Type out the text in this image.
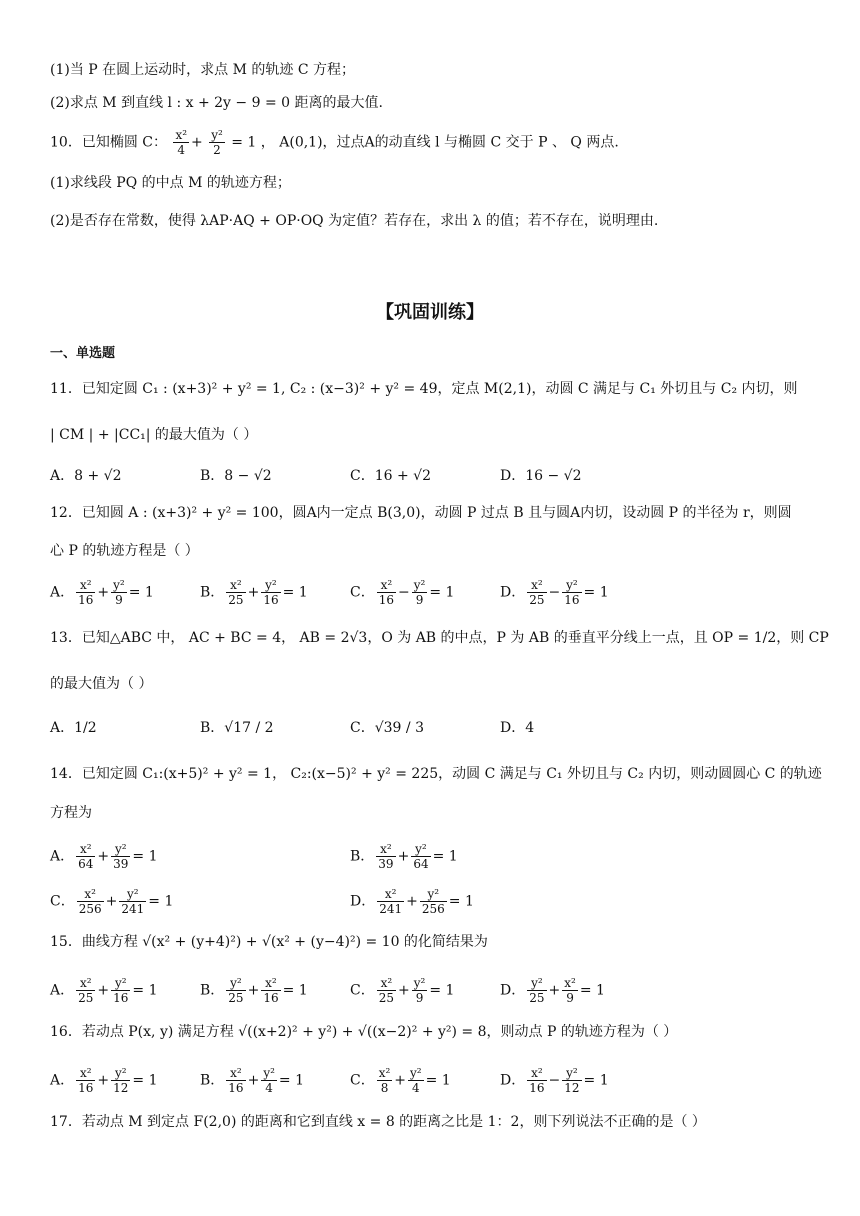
(1)当 P 在圆上运动时，求点 M 的轨迹 C 方程；
(2)求点 M 到直线 l : x + 2y − 9 = 0 距离的最大值.
10．已知椭圆 C： $\frac{\text{x²}}{4} + \frac{\text{y²}}{2} = 1$ ， A(0,1)，过点A的动直线 l 与椭圆 C 交于 P 、 Q 两点.
(1)求线段 PQ 的中点 M 的轨迹方程；
(2)是否存在常数，使得 λAP·AQ + OP·OQ 为定值？若存在，求出 λ 的值；若不存在，说明理由.
【巩固训练】
一、单选题
11．已知定圆 C₁ : (x+3)² + y² = 1, C₂ : (x−3)² + y² = 49，定点 M(2,1)，动圆 C 满足与 C₁ 外切且与 C₂ 内切，则
| CM | + |CC₁| 的最大值为（ ）
A．8 + √2	B．8 − √2	C．16 + √2	D．16 − √2
12．已知圆 A : (x+3)² + y² = 100，圆A内一定点 B(3,0)，动圆 P 过点 B 且与圆A内切，设动圆 P 的半径为 r，则圆
心 P 的轨迹方程是（ ）
A． $\frac{\text{x²}}{16} + \frac{\text{y²}}{9} = 1$	B． $\frac{\text{x²}}{25} + \frac{\text{y²}}{16} = 1$	C． $\frac{\text{x²}}{16} - \frac{\text{y²}}{9} = 1$	D． $\frac{\text{x²}}{25} - \frac{\text{y²}}{16} = 1$
13．已知△ABC 中， AC + BC = 4， AB = 2√3，O 为 AB 的中点，P 为 AB 的垂直平分线上一点，且 OP = 1/2，则 CP
的最大值为（ ）
A．1/2	B．√17 / 2	C．√39 / 3	D．4
14．已知定圆 C₁:(x+5)² + y² = 1， C₂:(x−5)² + y² = 225，动圆 C 满足与 C₁ 外切且与 C₂ 内切，则动圆圆心 C 的轨迹
方程为
A． $\frac{\text{x²}}{64} + \frac{\text{y²}}{39} = 1$	B． $\frac{\text{x²}}{39} + \frac{\text{y²}}{64} = 1$
C． $\frac{\text{x²}}{256} + \frac{\text{y²}}{241} = 1$	D． $\frac{\text{x²}}{241} + \frac{\text{y²}}{256} = 1$
15．曲线方程 √(x² + (y+4)²) + √(x² + (y−4)²) = 10 的化简结果为
A． $\frac{\text{x²}}{25} + \frac{\text{y²}}{16} = 1$	B． $\frac{\text{y²}}{25} + \frac{\text{x²}}{16} = 1$	C． $\frac{\text{x²}}{25} + \frac{\text{y²}}{9} = 1$	D． $\frac{\text{y²}}{25} + \frac{\text{x²}}{9} = 1$
16．若动点 P(x, y) 满足方程 √((x+2)² + y²) + √((x−2)² + y²) = 8，则动点 P 的轨迹方程为（ ）
A． $\frac{\text{x²}}{16} + \frac{\text{y²}}{12} = 1$	B． $\frac{\text{x²}}{16} + \frac{\text{y²}}{4} = 1$	C． $\frac{\text{x²}}{8} + \frac{\text{y²}}{4} = 1$	D． $\frac{\text{x²}}{16} - \frac{\text{y²}}{12} = 1$
17．若动点 M 到定点 F(2,0) 的距离和它到直线 x = 8 的距离之比是 1：2，则下列说法不正确的是（ ）
